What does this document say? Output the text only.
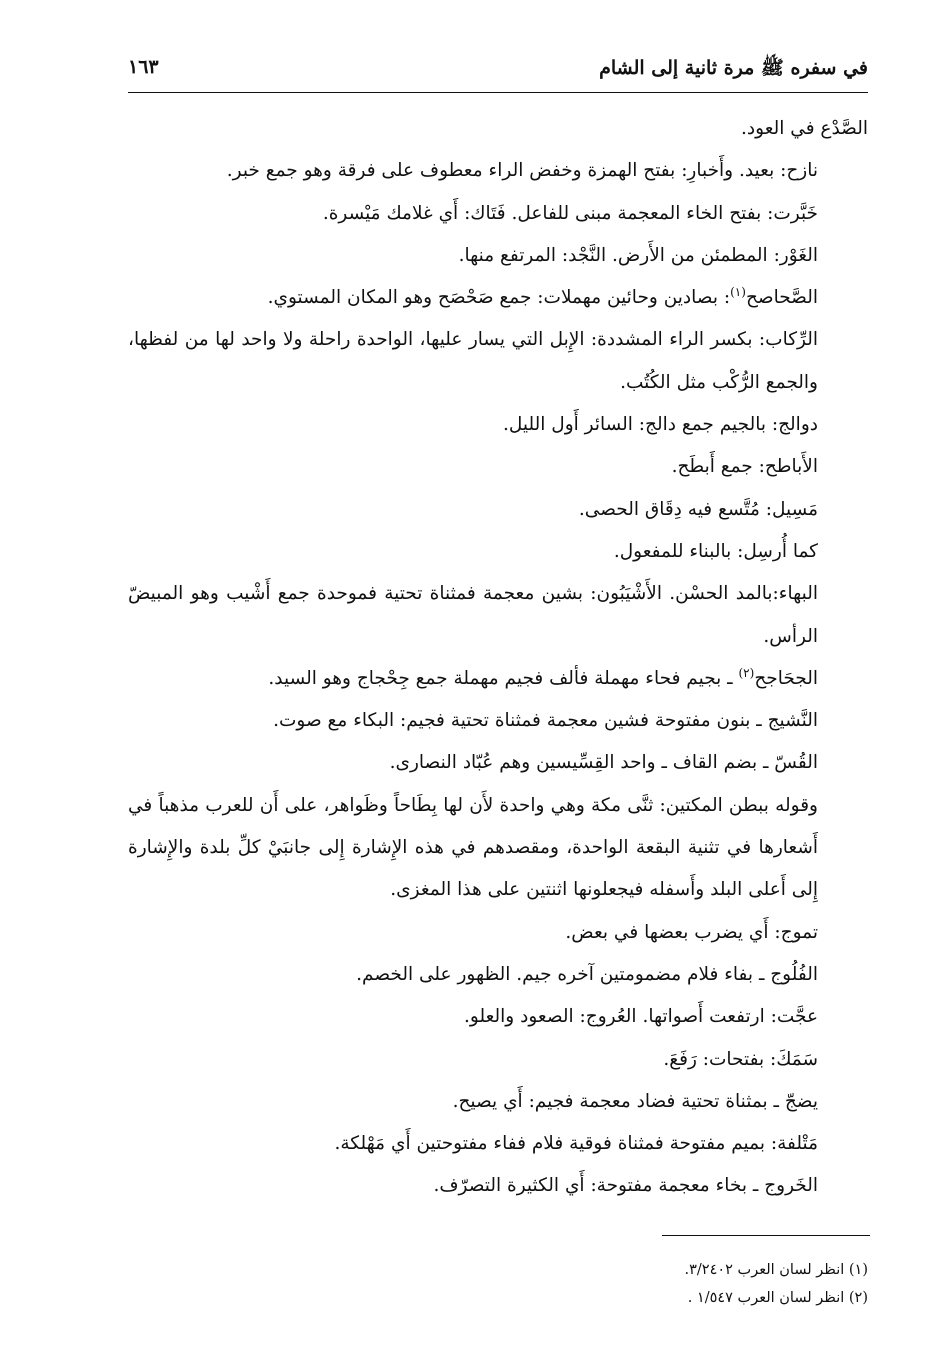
في سفره ﷺ مرة ثانية إلى الشام
١٦٣

الصَّدْع في العود.

نازح: بعيد. وأَخبارِ: بفتح الهمزة وخفض الراء معطوف على فرقة وهو جمع خبر.

خَبَّرت: بفتح الخاء المعجمة مبنى للفاعل. فَتَاك: أَي غلامك مَيْسرة.

الغَوْر: المطمئن من الأَرض. النَّجْد: المرتفع منها.

الصَّحاصح$^{(١)}$: بصادين وحائين مهملات: جمع صَحْصَح وهو المكان المستوي.

الرِّكاب: بكسر الراء المشددة: الإِبل التي يسار عليها، الواحدة راحلة ولا واحد لها من لفظها، والجمع الرُّكْب مثل الكُتُب.

دوالج: بالجيم جمع دالج: السائر أَول الليل.

الأَباطح: جمع أَبطَح.

مَسِيل: مُتَّسع فيه دِقَاق الحصى.

كما أُرسِل: بالبناء للمفعول.

البهاء:بالمد الحسْن. الأَشْيَبُون: بشين معجمة فمثناة تحتية فموحدة جمع أَشْيب وهو المبيضّ الرأس.

الجحَاجح$^{(٢)}$ ـ بجيم فحاء مهملة فألف فجيم مهملة جمع جِحْجاج وهو السيد.

النَّشيج ـ بنون مفتوحة فشين معجمة فمثناة تحتية فجيم: البكاء مع صوت.

القُسّ ـ بضم القاف ـ واحد القِسِّيسين وهم عُبّاد النصارى.

وقوله ببطن المكتين: ثنَّى مكة وهي واحدة لأَن لها بِطَاحاً وظَواهر، على أَن للعرب مذهباً في أَشعارها في تثنية البقعة الواحدة، ومقصدهم في هذه الإِشارة إِلى جانبَيْ كلِّ بلدة والإِشارة إِلى أَعلى البلد وأَسفله فيجعلونها اثنتين على هذا المغزى.

تموج: أَي يضرب بعضها في بعض.

الفُلُوج ـ بفاء فلام مضمومتين آخره جيم. الظهور على الخصم.

عجَّت: ارتفعت أَصواتها. العُروج: الصعود والعلو.

سَمَكَ: بفتحات: رَفَعَ.

يضجّ ـ بمثناة تحتية فضاد معجمة فجيم: أَي يصيح.

مَتْلفة: بميم مفتوحة فمثناة فوقية فلام ففاء مفتوحتين أَي مَهْلكة.

الخَروج ـ بخاء معجمة مفتوحة: أَي الكثيرة التصرّف.

(١) انظر لسان العرب ٣/٢٤٠٢.

(٢) انظر لسان العرب ١/٥٤٧ .
